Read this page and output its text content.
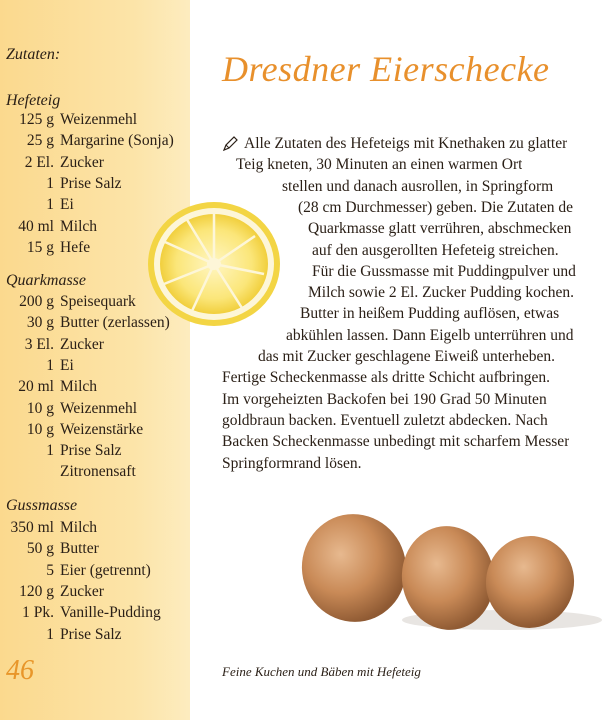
Zutaten:
Hefeteig
125 g Weizenmehl
25 g Margarine (Sonja)
2 El. Zucker
1 Prise Salz
1 Ei
40 ml Milch
15 g Hefe
Quarkmasse
200 g Speisequark
30 g Butter (zerlassen)
3 El. Zucker
1 Ei
20 ml Milch
10 g Weizenmehl
10 g Weizenstärke
1 Prise Salz
Zitronensaft
Gussmasse
350 ml Milch
50 g Butter
5 Eier (getrennt)
120 g Zucker
1 Pk. Vanille-Pudding
1 Prise Salz
46
Dresdner Eierschecke
Alle Zutaten des Hefeteigs mit Knethaken zu glatter
Teig kneten, 30 Minuten an einen warmen Ort
stellen und danach ausrollen, in Springform
(28 cm Durchmesser) geben. Die Zutaten de
Quarkmasse glatt verrühren, abschmecken
auf den ausgerollten Hefeteig streichen.
Für die Gussmasse mit Puddingpulver und
Milch sowie 2 El. Zucker Pudding kochen.
Butter in heißem Pudding auflösen, etwas
abkühlen lassen. Dann Eigelb unterrühren und
das mit Zucker geschlagene Eiweiß unterheben.
Fertige Scheckenmasse als dritte Schicht aufbringen.
Im vorgeheizten Backofen bei 190 Grad 50 Minuten
goldbraun backen. Eventuell zuletzt abdecken. Nach
Backen Scheckenmasse unbedingt mit scharfem Messer
Springformrand lösen.
Feine Kuchen und Bäben mit Hefeteig
